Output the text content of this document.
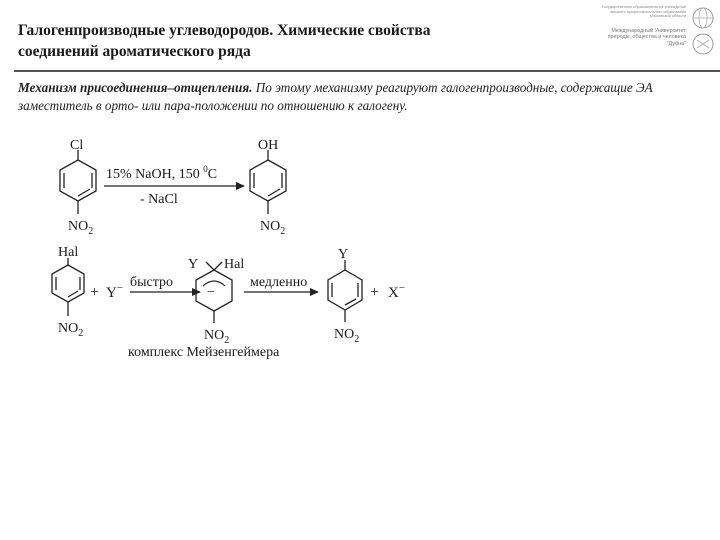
Галогенпроизводные углеводородов. Химические свойства
соединений ароматического ряда
Государственное образовательное учреждение
высшего профессионального образования
Московской области
Международный Университет
природы, общества и человека
"Дубна"
Механизм присоединения–отщепления. По этому механизму реагируют галогенпроизводные, содержащие ЭА заместитель в орто- или пара-положении по отношению к галогену.
Cl
$NO_2$
15% NaOH, 150 $^0$C
- NaCl
OH
$NO_2$
Hal
$NO_2$
+ Y− быстро
Y Hal
−
$NO_2$
комплекс Мейзенгеймера
медленно
Y
$NO_2$
+ X−
